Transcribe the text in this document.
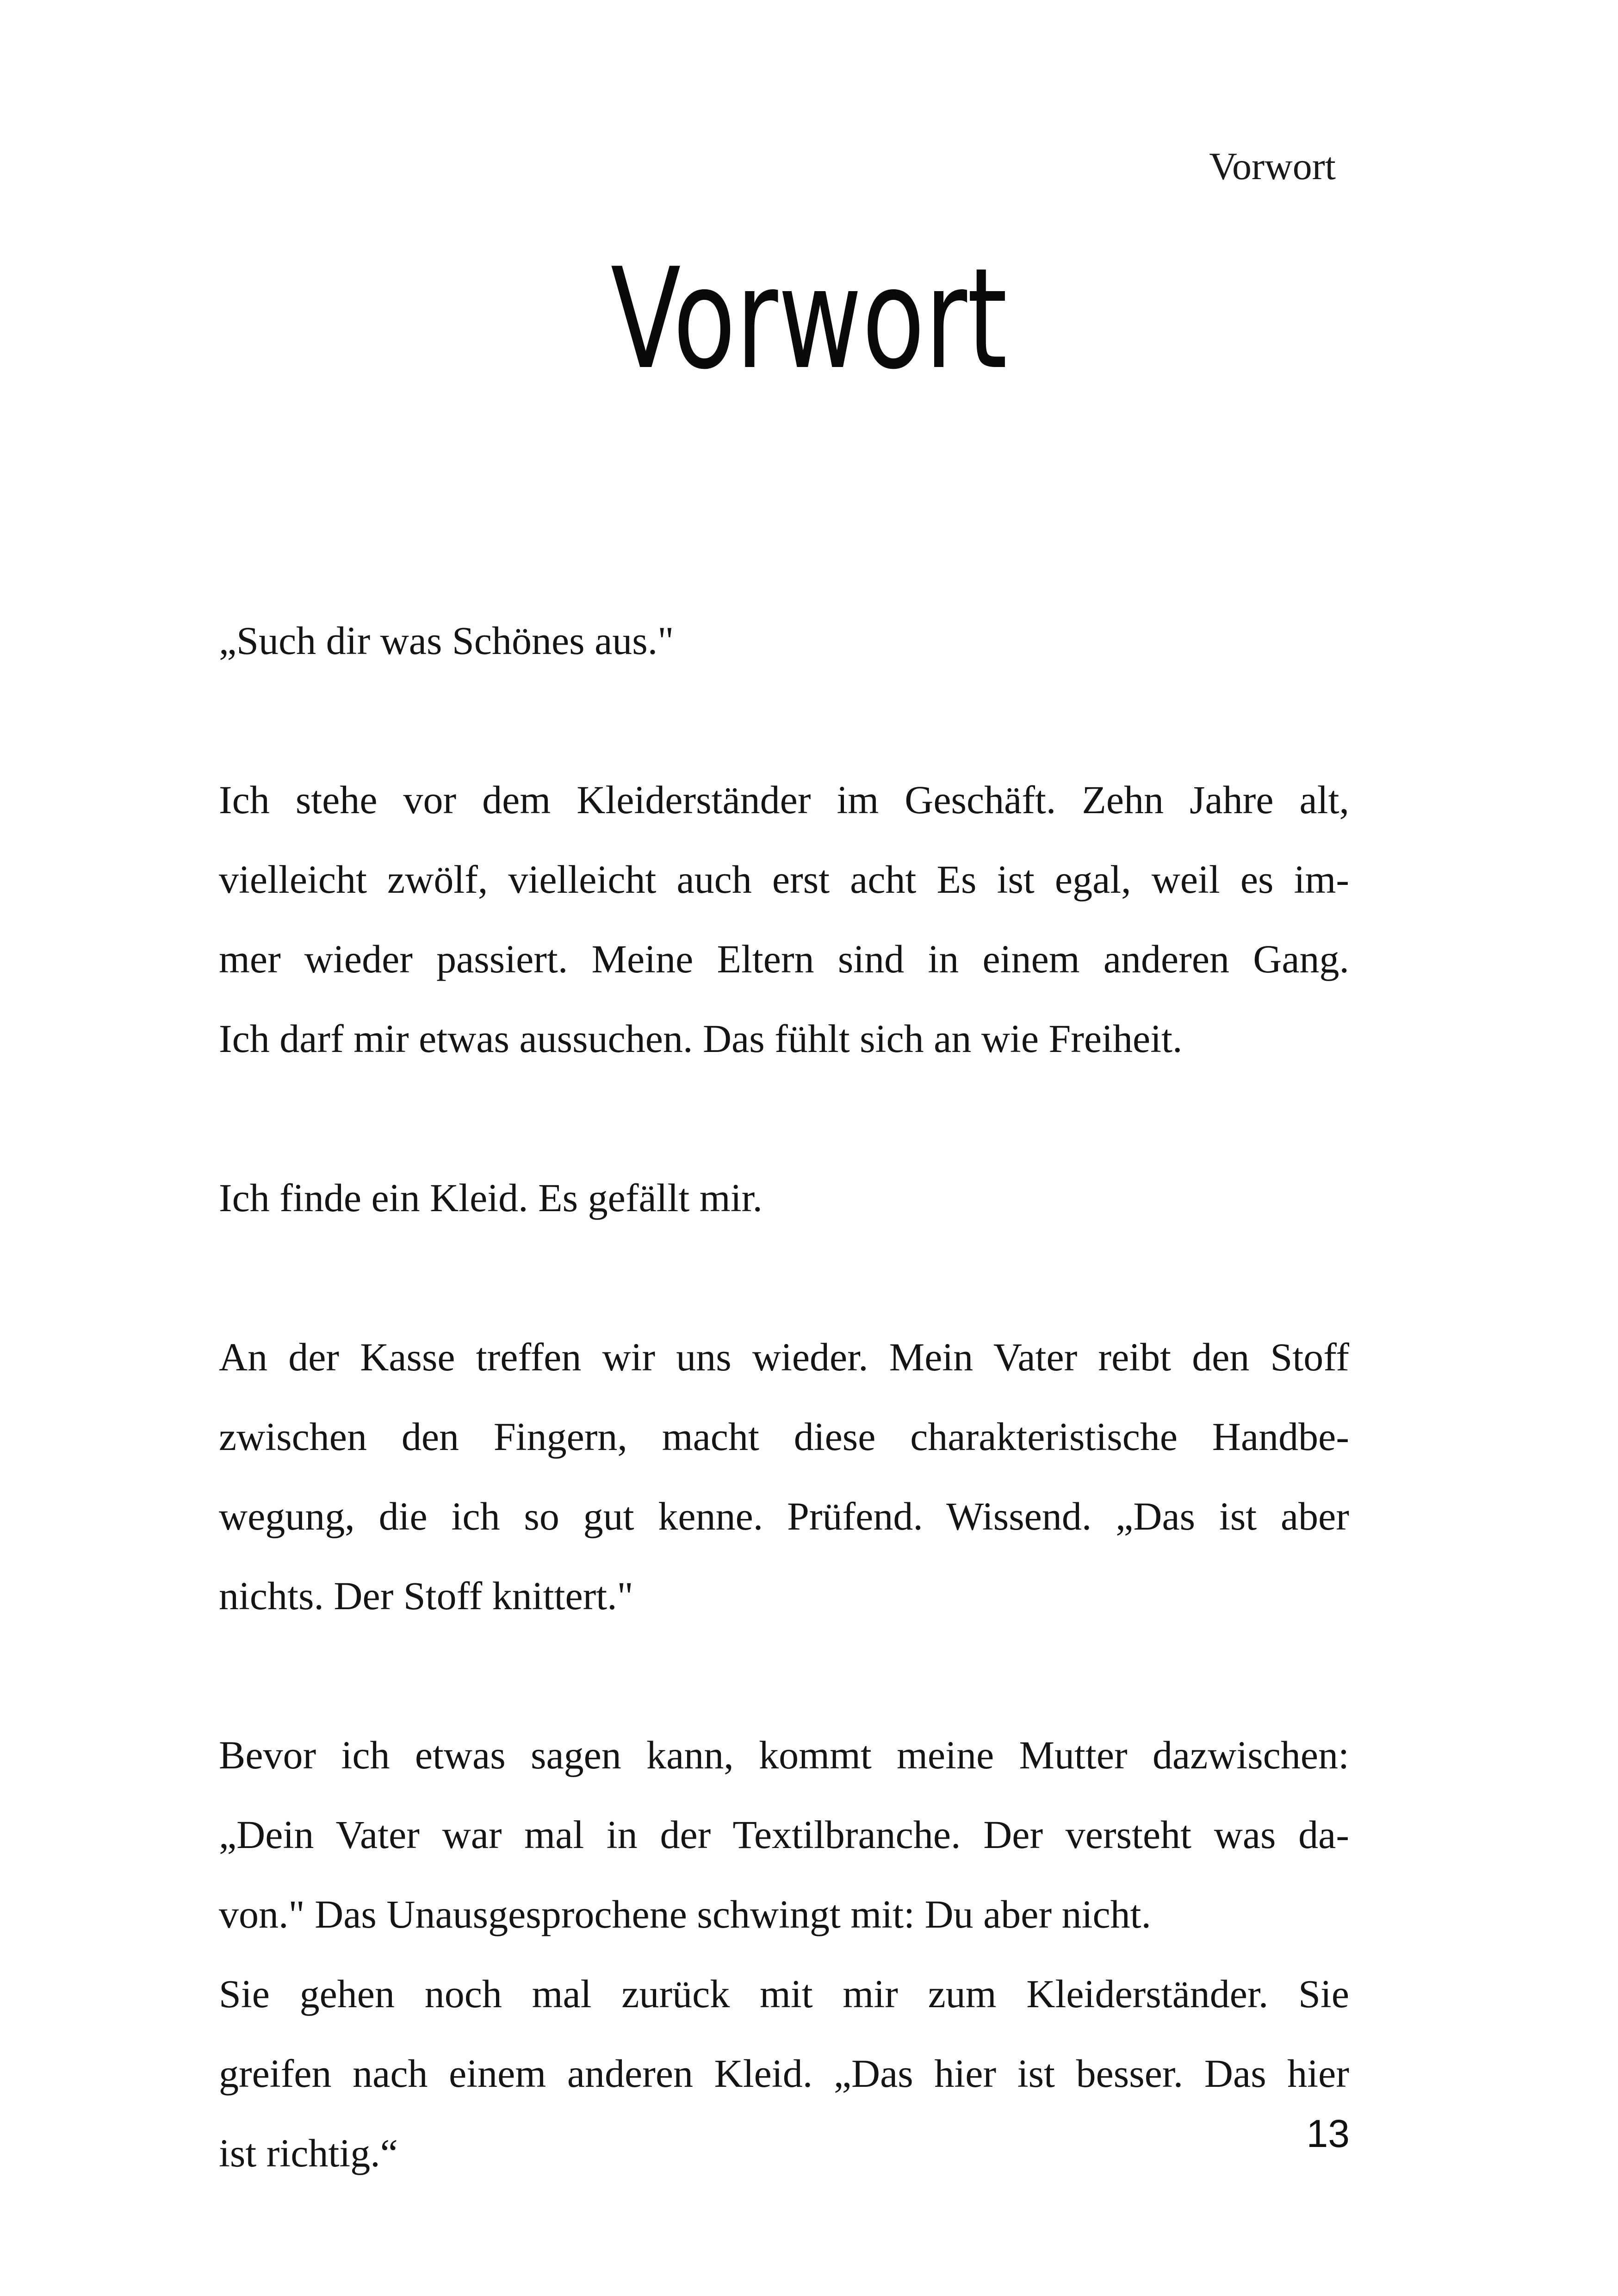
Vorwort
Vorwort

„Such dir was Schönes aus."

Ich stehe vor dem Kleiderständer im Geschäft. Zehn Jahre alt,
vielleicht zwölf, vielleicht auch erst acht Es ist egal, weil es im-
mer wieder passiert. Meine Eltern sind in einem anderen Gang.
Ich darf mir etwas aussuchen. Das fühlt sich an wie Freiheit.

Ich finde ein Kleid. Es gefällt mir.

An der Kasse treffen wir uns wieder. Mein Vater reibt den Stoff
zwischen den Fingern, macht diese charakteristische Handbe-
wegung, die ich so gut kenne. Prüfend. Wissend. „Das ist aber
nichts. Der Stoff knittert."

Bevor ich etwas sagen kann, kommt meine Mutter dazwischen:
„Dein Vater war mal in der Textilbranche. Der versteht was da-
von." Das Unausgesprochene schwingt mit: Du aber nicht.
Sie gehen noch mal zurück mit mir zum Kleiderständer. Sie
greifen nach einem anderen Kleid. „Das hier ist besser. Das hier
ist richtig.“	13
